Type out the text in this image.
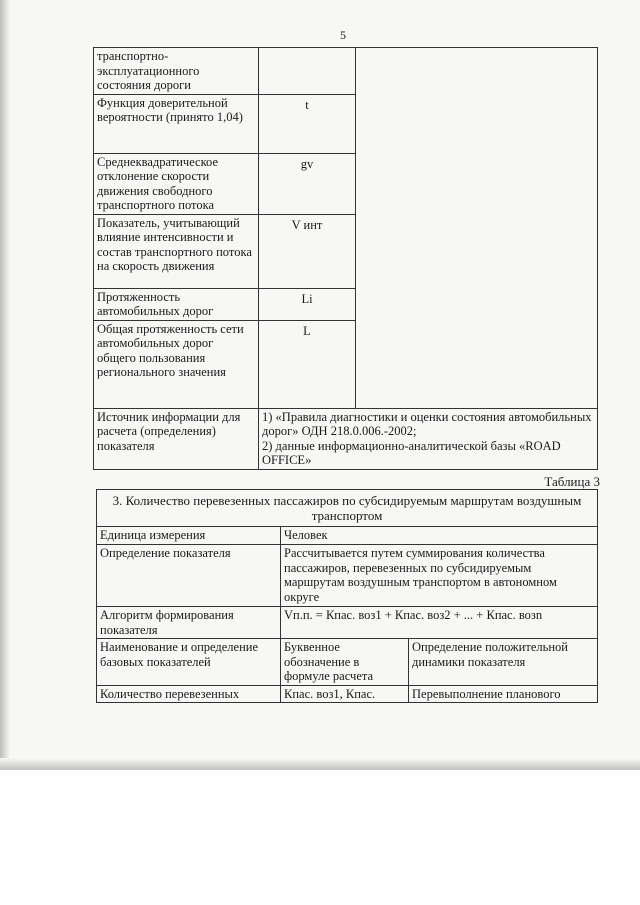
5
транспортно-эксплуатационного состояния дороги		
Функция доверительной вероятности (принято 1,04)	t	
Среднеквадратическое отклонение скорости движения свободного транспортного потока	gv	
Показатель, учитывающий влияние интенсивности и состав транспортного потока на скорость движения	V инт	
Протяженность автомобильных дорог	Li	
Общая протяженность сети автомобильных дорог общего пользования регионального значения	L	
Источник информации для расчета (определения) показателя	1) «Правила диагностики и оценки состояния автомобильных дорог» ОДН 218.0.006.-2002;
2) данные информационно-аналитической базы «ROAD OFFICE»	
Таблица 3
3. Количество перевезенных пассажиров по субсидируемым маршрутам воздушным транспортом		
Единица измерения	Человек	
Определение показателя	Рассчитывается путем суммирования количества пассажиров, перевезенных по субсидируемым маршрутам воздушным транспортом в автономном округе	
Алгоритм формирования показателя	Vп.п. = Кпас. воз1 + Кпас. воз2 + ... + Кпас. возn	
Наименование и определение базовых показателей	Буквенное обозначение в формуле расчета	Определение положительной динамики показателя
Количество перевезенных	Кпас. воз1, Кпас.	Перевыполнение планового
